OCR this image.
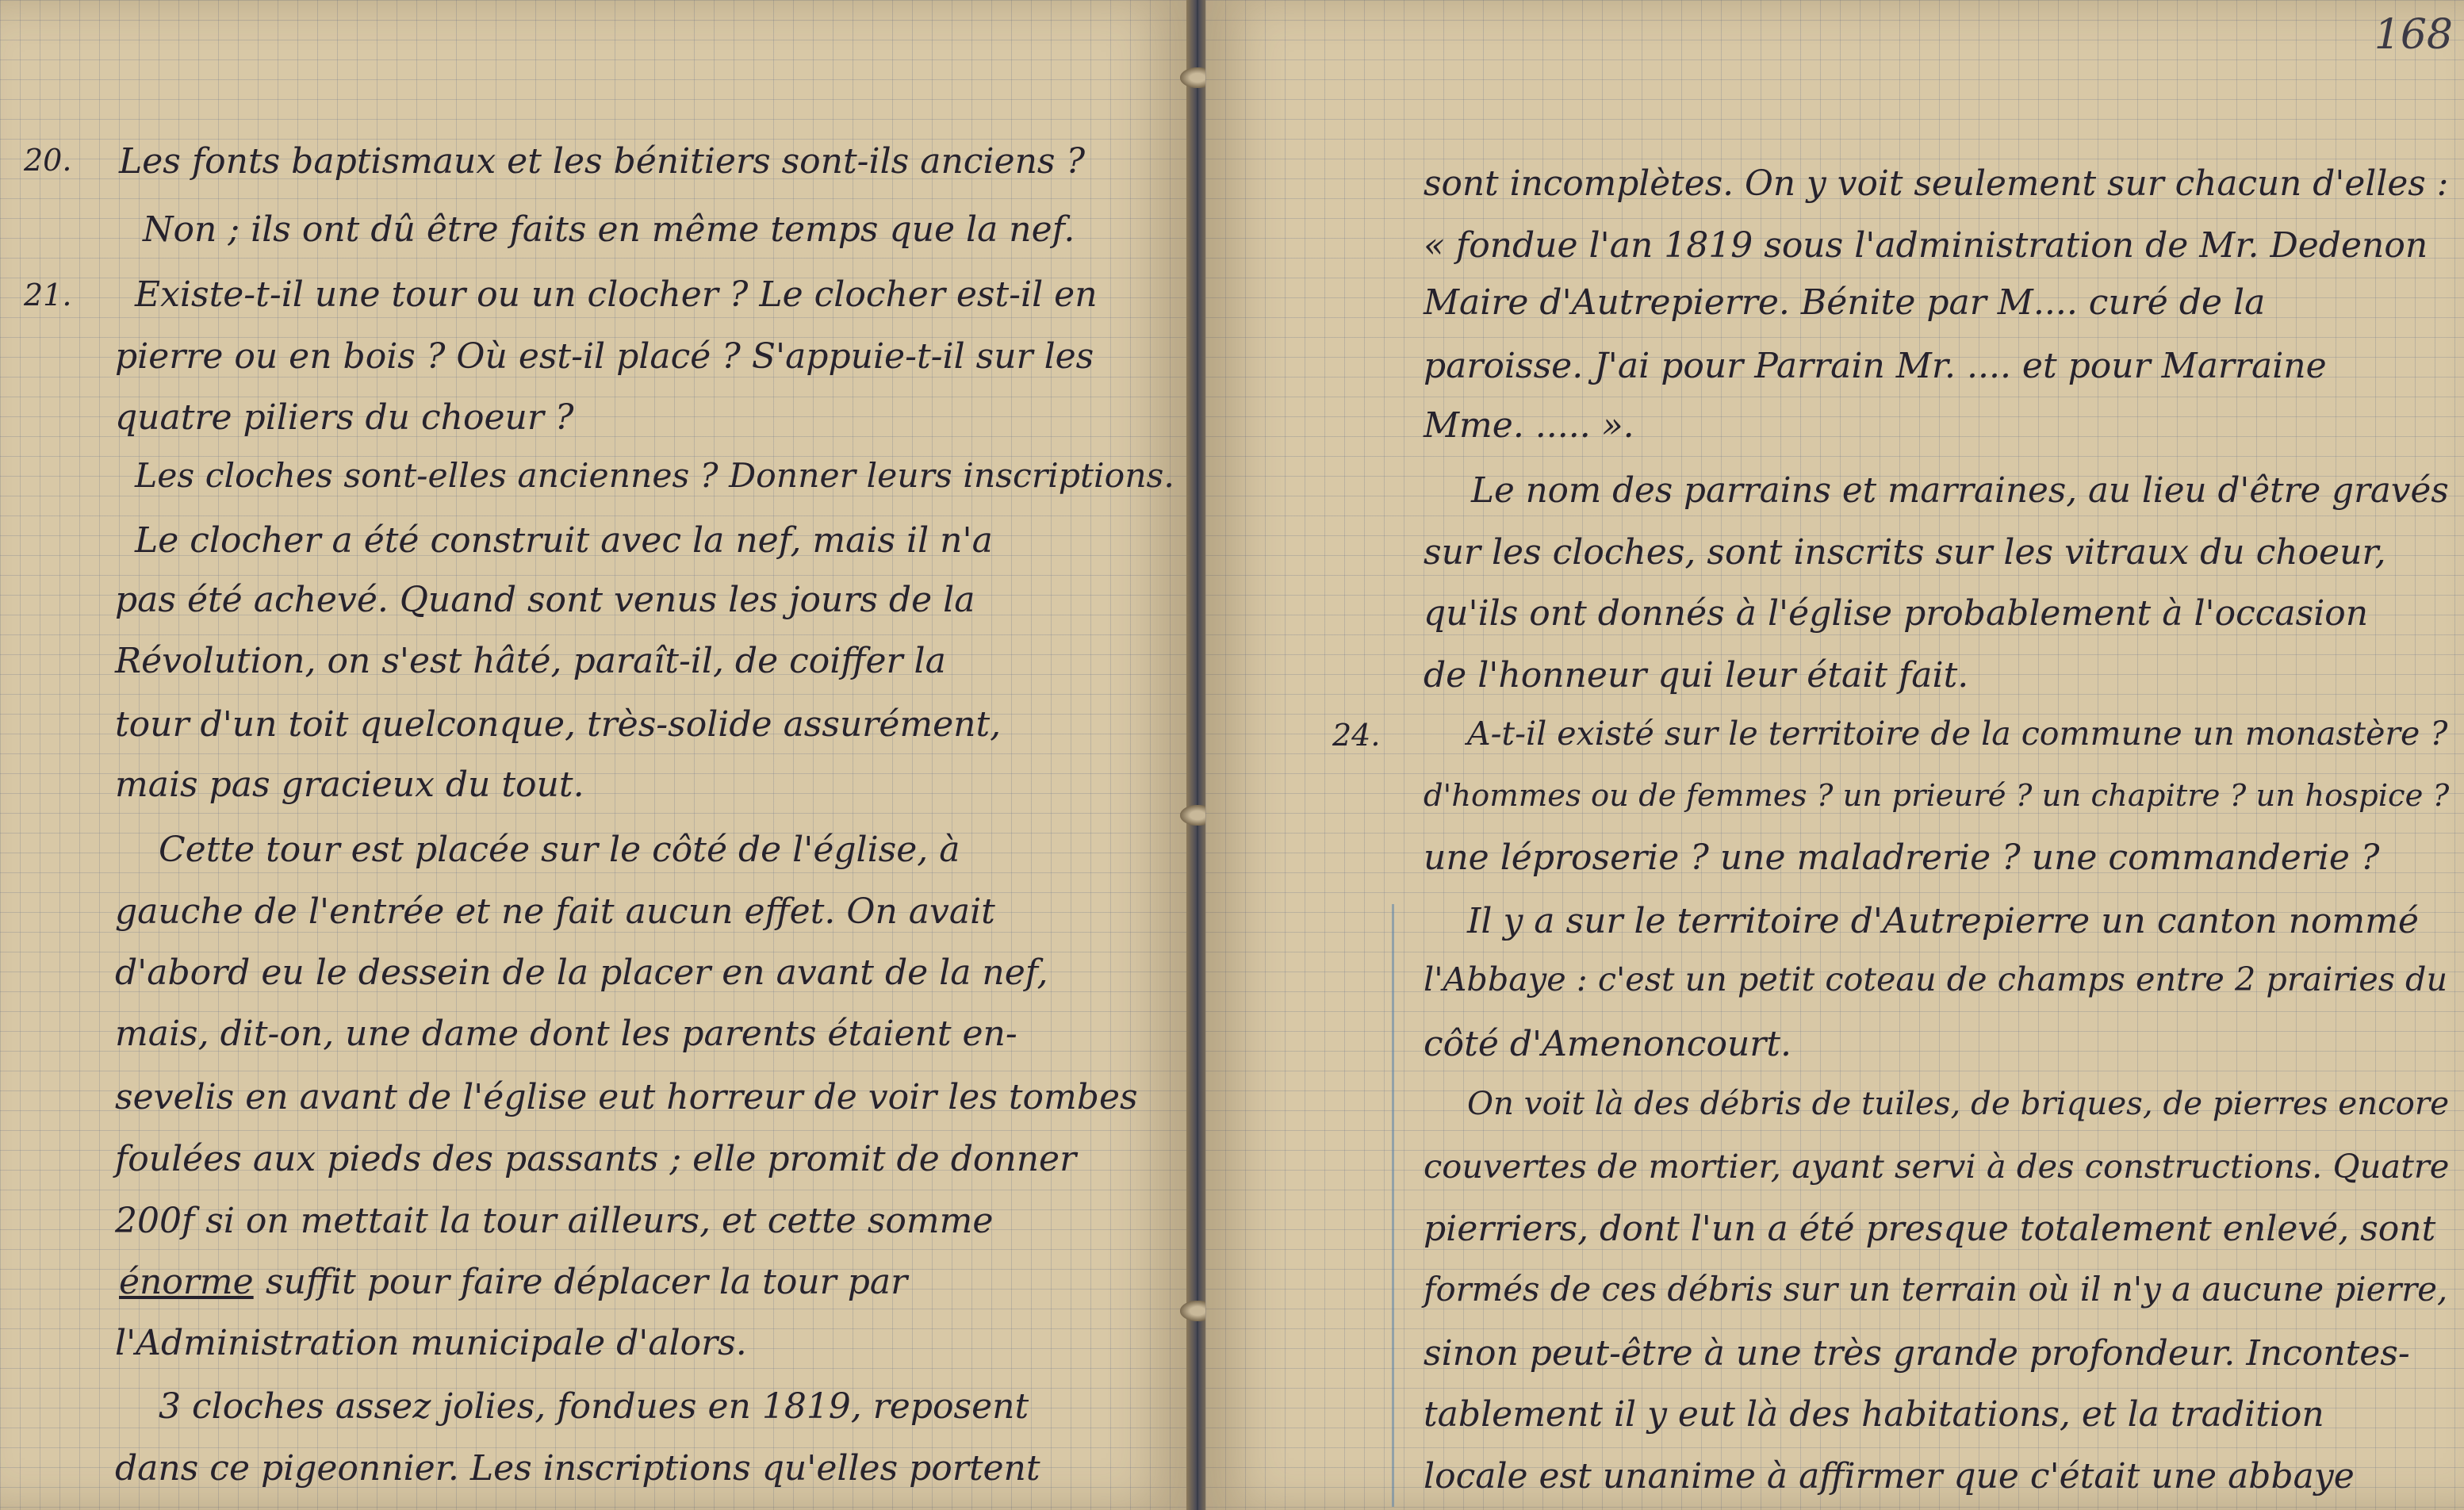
20.

21.

Les fonts baptismaux et les bénitiers sont-ils anciens ?

Non ; ils ont dû être faits en même temps que la nef.

Existe-t-il une tour ou un clocher ? Le clocher est-il en

pierre ou en bois ? Où est-il placé ? S'appuie-t-il sur les

quatre piliers du choeur ?

Les cloches sont-elles anciennes ? Donner leurs inscriptions.

Le clocher a été construit avec la nef, mais il n'a

pas été achevé. Quand sont venus les jours de la

Révolution, on s'est hâté, paraît-il, de coiffer la

tour d'un toit quelconque, très-solide assurément,

mais pas gracieux du tout.

Cette tour est placée sur le côté de l'église, à

gauche de l'entrée et ne fait aucun effet. On avait

d'abord eu le dessein de la placer en avant de la nef,

mais, dit-on, une dame dont les parents étaient en-

sevelis en avant de l'église eut horreur de voir les tombes

foulées aux pieds des passants ; elle promit de donner

200f si on mettait la tour ailleurs, et cette somme

énorme suffit pour faire déplacer la tour par

l'Administration municipale d'alors.

3 cloches assez jolies, fondues en 1819, reposent

dans ce pigeonnier. Les inscriptions qu'elles portent

168

24.

sont incomplètes. On y voit seulement sur chacun d'elles :

« fondue l'an 1819 sous l'administration de Mr. Dedenon

Maire d'Autrepierre. Bénite par M.... curé de la

paroisse. J'ai pour Parrain Mr. .... et pour Marraine

Mme. ..... ».

Le nom des parrains et marraines, au lieu d'être gravés

sur les cloches, sont inscrits sur les vitraux du choeur,

qu'ils ont donnés à l'église probablement à l'occasion

de l'honneur qui leur était fait.

A-t-il existé sur le territoire de la commune un monastère ?

d'hommes ou de femmes ? un prieuré ? un chapitre ? un hospice ?

une léproserie ? une maladrerie ? une commanderie ?

Il y a sur le territoire d'Autrepierre un canton nommé

l'Abbaye : c'est un petit coteau de champs entre 2 prairies du

côté d'Amenoncourt.

On voit là des débris de tuiles, de briques, de pierres encore

couvertes de mortier, ayant servi à des constructions. Quatre

pierriers, dont l'un a été presque totalement enlevé, sont

formés de ces débris sur un terrain où il n'y a aucune pierre,

sinon peut-être à une très grande profondeur. Incontes-

tablement il y eut là des habitations, et la tradition

locale est unanime à affirmer que c'était une abbaye
